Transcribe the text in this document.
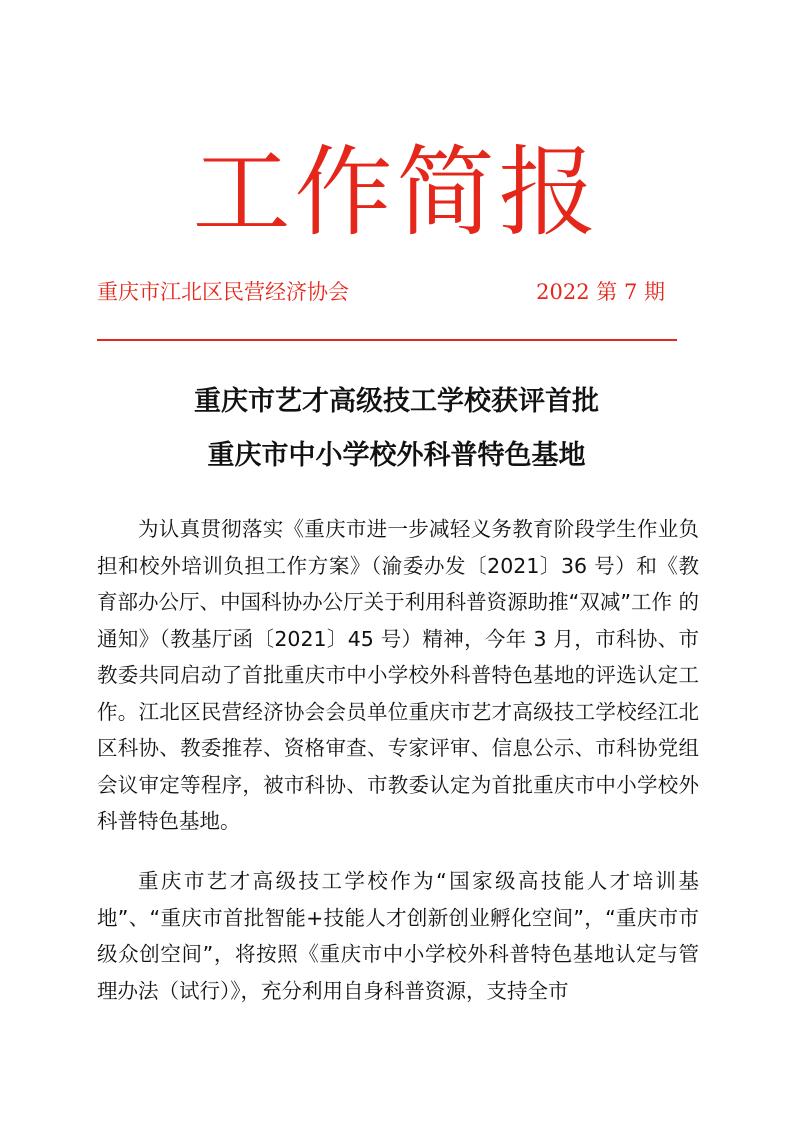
工作简报
重庆市江北区民营经济协会	2022 第 7 期
重庆市艺才高级技工学校获评首批
重庆市中小学校外科普特色基地

为认真贯彻落实《重庆市进一步减轻义务教育阶段学生作业负担和校外培训负担工作方案》（渝委办发〔2021〕36 号）和《教 育部办公厅、中国科协办公厅关于利用科普资源助推“双减”工作 的通知》（教基厅函〔2021〕45 号）精神，今年 3 月，市科协、市教委共同启动了首批重庆市中小学校外科普特色基地的评选认定工作。江北区民营经济协会会员单位重庆市艺才高级技工学校经江北区科协、教委推荐、资格审查、专家评审、信息公示、市科协党组会议审定等程序，被市科协、市教委认定为首批重庆市中小学校外科普特色基地。

重庆市艺才高级技工学校作为“国家级高技能人才培训基地”、“重庆市首批智能+技能人才创新创业孵化空间”，“重庆市市级众创空间”，将按照《重庆市中小学校外科普特色基地认定与管理办法（试行）》，充分利用自身科普资源，支持全市
